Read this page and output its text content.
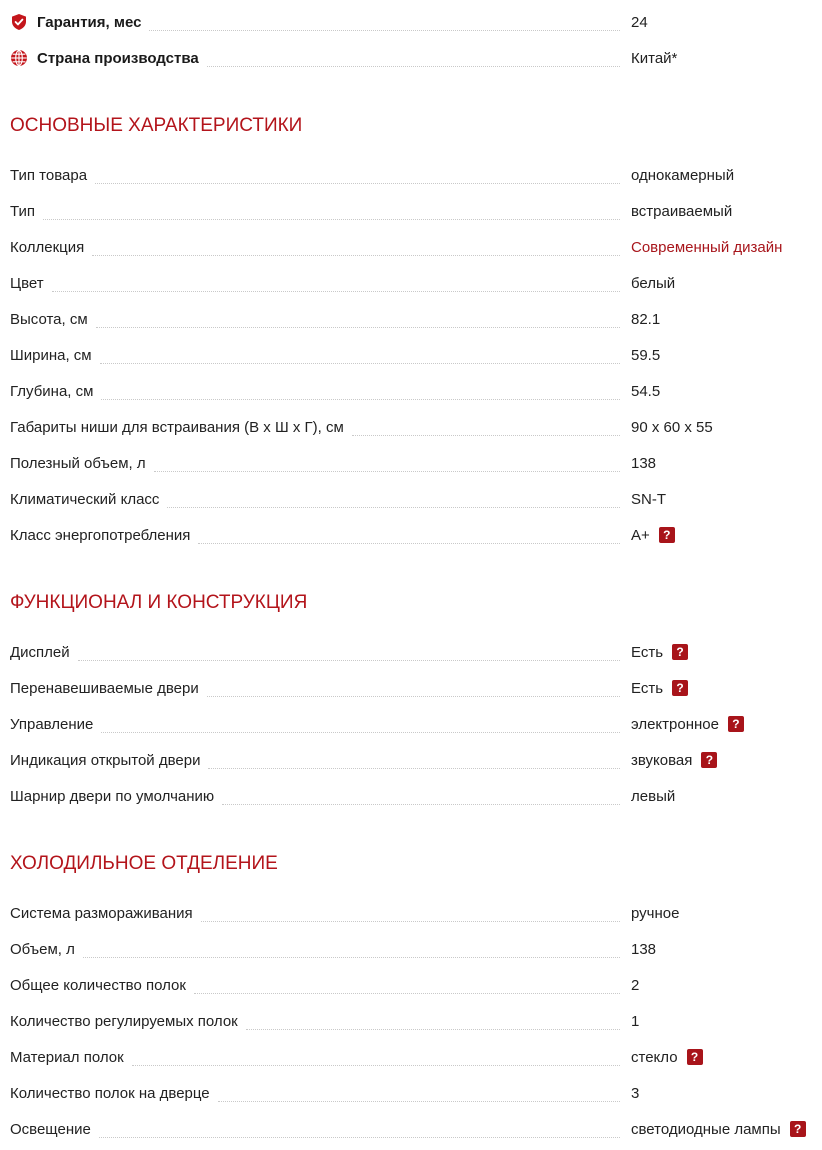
Гарантия, мес	24
Страна производства	Китай*
ОСНОВНЫЕ ХАРАКТЕРИСТИКИ
Тип товара	однокамерный
Тип	встраиваемый
Коллекция	Современный дизайн
Цвет	белый
Высота, см	82.1
Ширина, см	59.5
Глубина, см	54.5
Габариты ниши для встраивания (В x Ш x Г), см	90 x 60 x 55
Полезный объем, л	138
Климатический класс	SN-T
Класс энергопотребления	A+	?
ФУНКЦИОНАЛ И КОНСТРУКЦИЯ
Дисплей	Есть	?
Перенавешиваемые двери	Есть	?
Управление	электронное	?
Индикация открытой двери	звуковая	?
Шарнир двери по умолчанию	левый
ХОЛОДИЛЬНОЕ ОТДЕЛЕНИЕ
Система размораживания	ручное
Объем, л	138
Общее количество полок	2
Количество регулируемых полок	1
Материал полок	стекло	?
Количество полок на дверце	3
Освещение	светодиодные лампы	?
